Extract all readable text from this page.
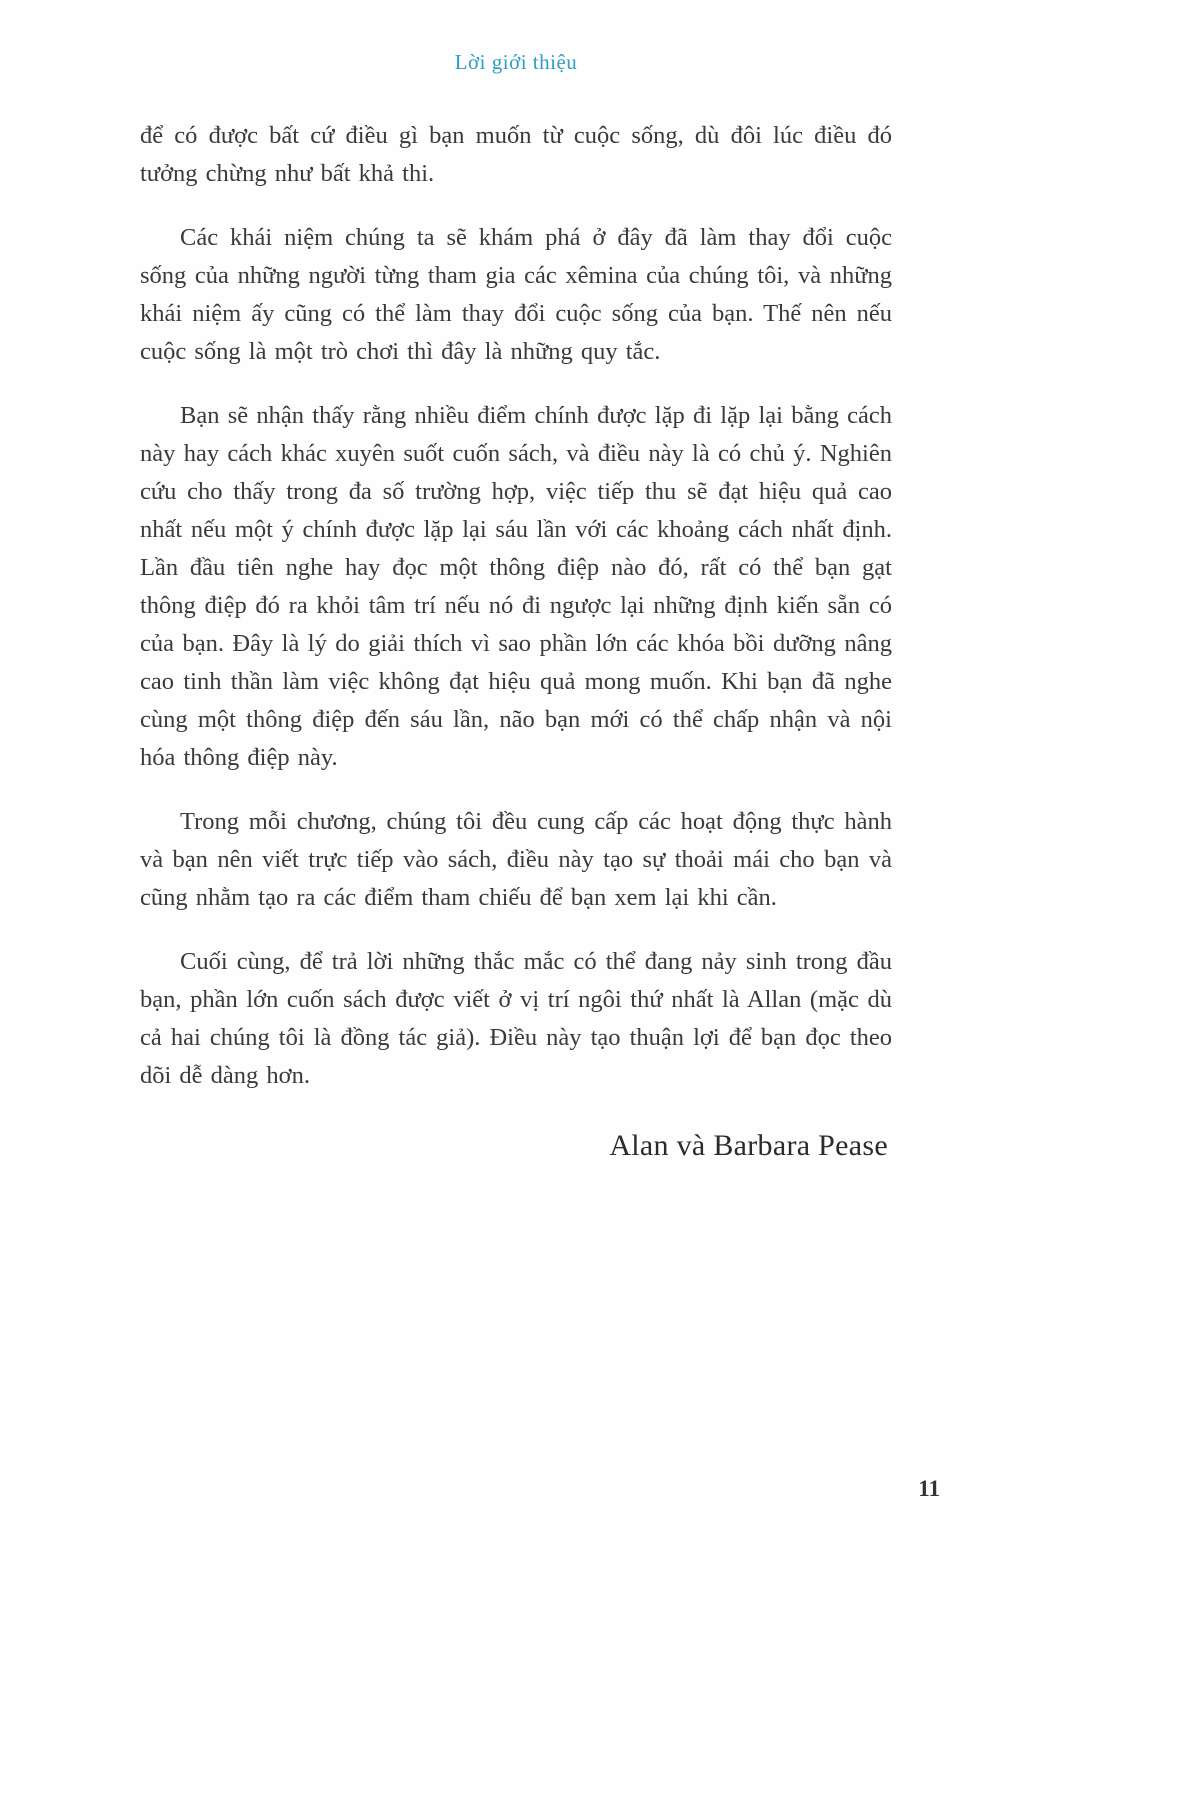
Lời giới thiệu

để có được bất cứ điều gì bạn muốn từ cuộc sống, dù đôi lúc điều đó tưởng chừng như bất khả thi.

Các khái niệm chúng ta sẽ khám phá ở đây đã làm thay đổi cuộc sống của những người từng tham gia các xêmina của chúng tôi, và những khái niệm ấy cũng có thể làm thay đổi cuộc sống của bạn. Thế nên nếu cuộc sống là một trò chơi thì đây là những quy tắc.

Bạn sẽ nhận thấy rằng nhiều điểm chính được lặp đi lặp lại bằng cách này hay cách khác xuyên suốt cuốn sách, và điều này là có chủ ý. Nghiên cứu cho thấy trong đa số trường hợp, việc tiếp thu sẽ đạt hiệu quả cao nhất nếu một ý chính được lặp lại sáu lần với các khoảng cách nhất định. Lần đầu tiên nghe hay đọc một thông điệp nào đó, rất có thể bạn gạt thông điệp đó ra khỏi tâm trí nếu nó đi ngược lại những định kiến sẵn có của bạn. Đây là lý do giải thích vì sao phần lớn các khóa bồi dưỡng nâng cao tinh thần làm việc không đạt hiệu quả mong muốn. Khi bạn đã nghe cùng một thông điệp đến sáu lần, não bạn mới có thể chấp nhận và nội hóa thông điệp này.

Trong mỗi chương, chúng tôi đều cung cấp các hoạt động thực hành và bạn nên viết trực tiếp vào sách, điều này tạo sự thoải mái cho bạn và cũng nhằm tạo ra các điểm tham chiếu để bạn xem lại khi cần.

Cuối cùng, để trả lời những thắc mắc có thể đang nảy sinh trong đầu bạn, phần lớn cuốn sách được viết ở vị trí ngôi thứ nhất là Allan (mặc dù cả hai chúng tôi là đồng tác giả). Điều này tạo thuận lợi để bạn đọc theo dõi dễ dàng hơn.

Alan và Barbara Pease
11
